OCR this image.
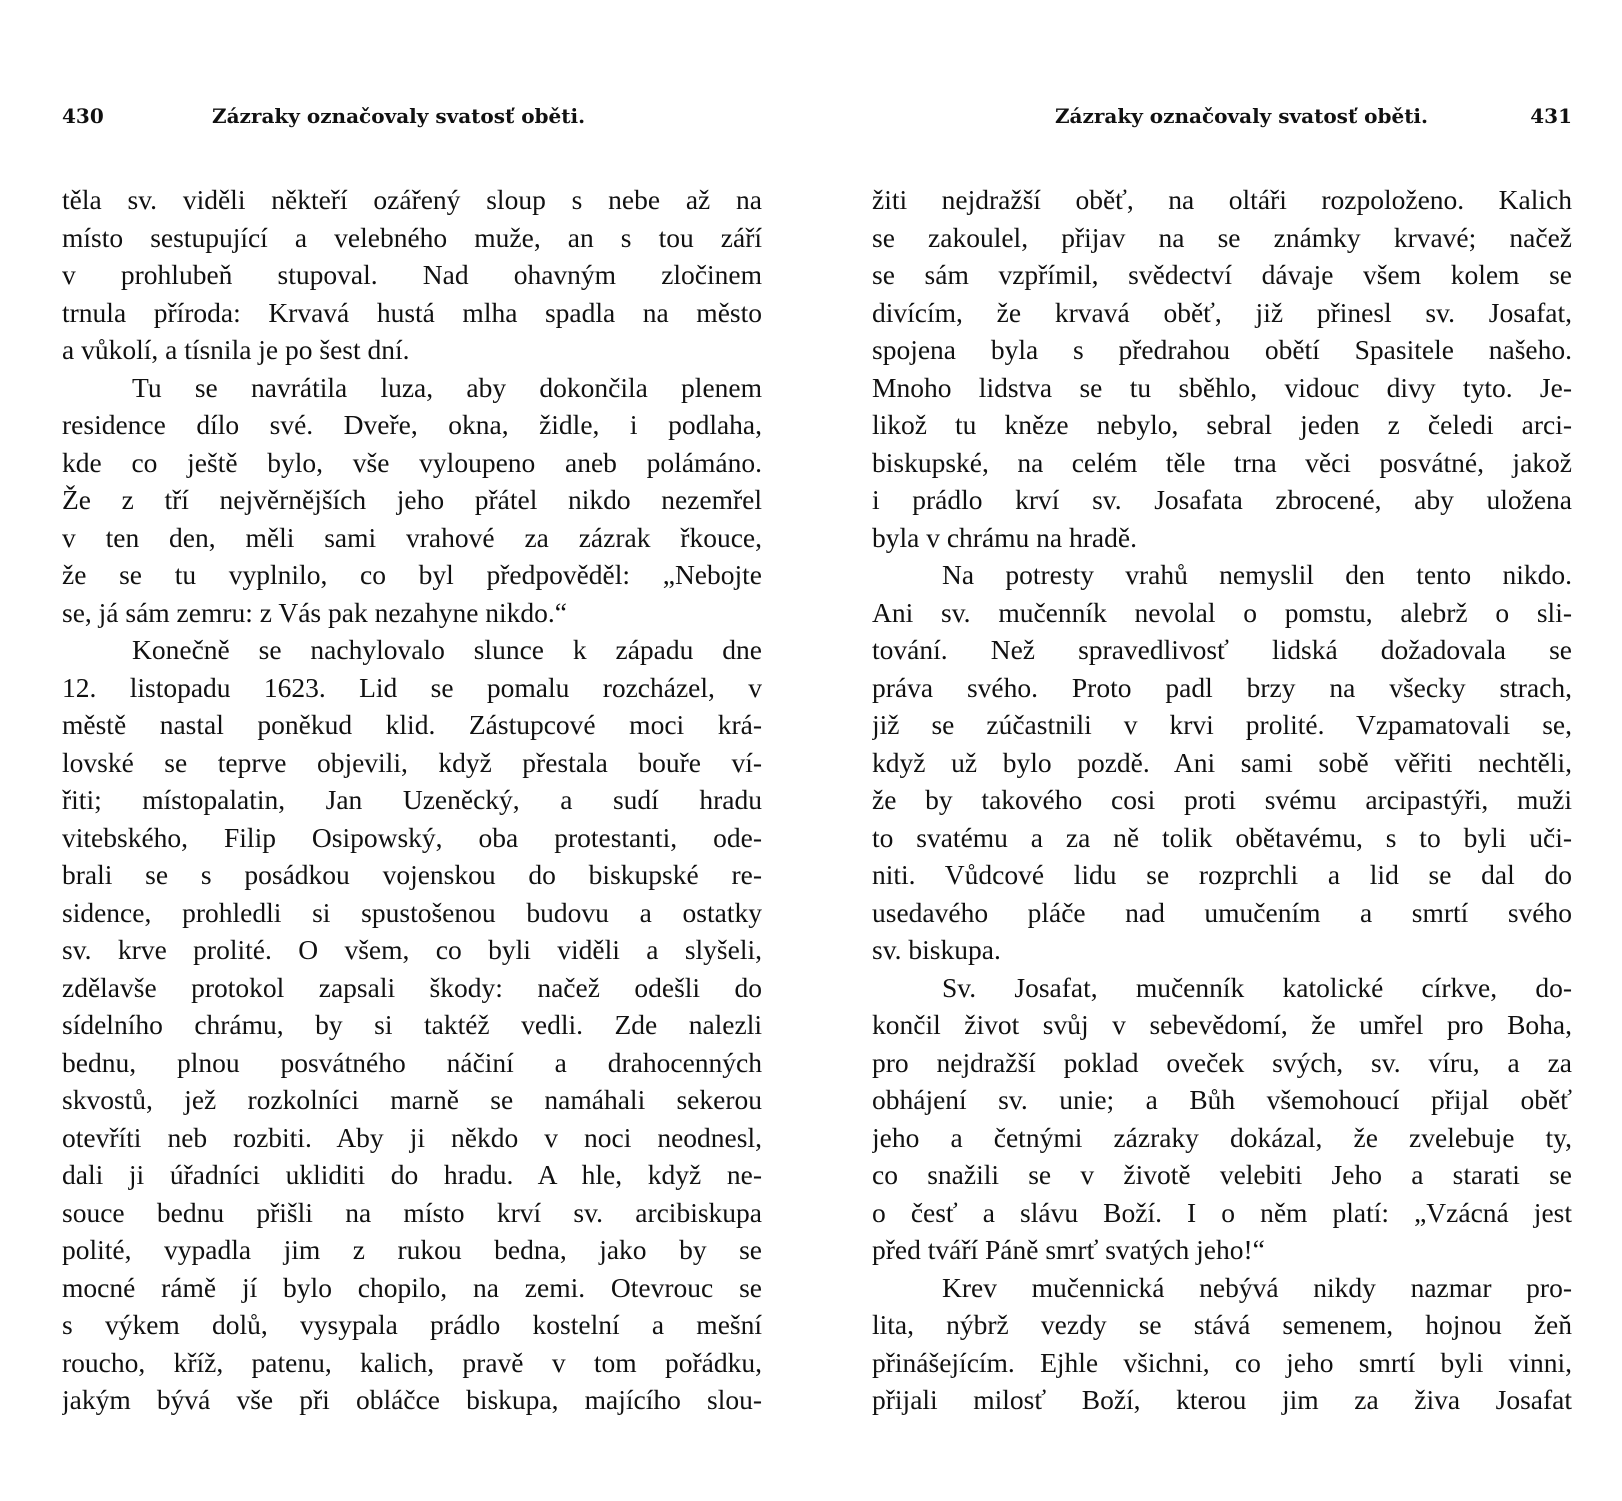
430	Zázraky označovaly svatosť oběti.
těla sv. viděli někteří ozářený sloup s nebe až na
místo sestupující a velebného muže, an s tou září
v prohlubeň stupoval. Nad ohavným zločinem
trnula příroda: Krvavá hustá mlha spadla na město
a vůkolí, a tísnila je po šest dní.
Tu se navrátila luza, aby dokončila plenem
residence dílo své. Dveře, okna, židle, i podlaha,
kde co ještě bylo, vše vyloupeno aneb polámáno.
Že z tří nejvěrnějších jeho přátel nikdo nezemřel
v ten den, měli sami vrahové za zázrak řkouce,
že se tu vyplnilo, co byl předpověděl: „Nebojte
se, já sám zemru: z Vás pak nezahyne nikdo.“
Konečně se nachylovalo slunce k západu dne
12. listopadu 1623. Lid se pomalu rozcházel, v
městě nastal poněkud klid. Zástupcové moci krá-
lovské se teprve objevili, když přestala bouře ví-
řiti; místopalatin, Jan Uzeněcký, a sudí hradu
vitebského, Filip Osipowský, oba protestanti, ode-
brali se s posádkou vojenskou do biskupské re-
sidence, prohledli si spustošenou budovu a ostatky
sv. krve prolité. O všem, co byli viděli a slyšeli,
zdělavše protokol zapsali škody: načež odešli do
sídelního chrámu, by si taktéž vedli. Zde nalezli
bednu, plnou posvátného náčiní a drahocenných
skvostů, jež rozkolníci marně se namáhali sekerou
otevříti neb rozbiti. Aby ji někdo v noci neodnesl,
dali ji úřadníci ukliditi do hradu. A hle, když ne-
souce bednu přišli na místo krví sv. arcibiskupa
polité, vypadla jim z rukou bedna, jako by se
mocné rámě jí bylo chopilo, na zemi. Otevrouc se
s výkem dolů, vysypala prádlo kostelní a mešní
roucho, kříž, patenu, kalich, pravě v tom pořádku,
jakým bývá vše při obláčce biskupa, majícího slou-
Zázraky označovaly svatosť oběti.	431
žiti nejdražší oběť, na oltáři rozpoloženo. Kalich
se zakoulel, přijav na se známky krvavé; načež
se sám vzpřímil, svědectví dávaje všem kolem se
divícím, že krvavá oběť, již přinesl sv. Josafat,
spojena byla s předrahou obětí Spasitele našeho.
Mnoho lidstva se tu sběhlo, vidouc divy tyto. Je-
likož tu kněze nebylo, sebral jeden z čeledi arci-
biskupské, na celém těle trna věci posvátné, jakož
i prádlo krví sv. Josafata zbrocené, aby uložena
byla v chrámu na hradě.
Na potresty vrahů nemyslil den tento nikdo.
Ani sv. mučenník nevolal o pomstu, alebrž o sli-
tování. Než spravedlivosť lidská dožadovala se
práva svého. Proto padl brzy na všecky strach,
již se zúčastnili v krvi prolité. Vzpamatovali se,
když už bylo pozdě. Ani sami sobě věřiti nechtěli,
že by takového cosi proti svému arcipastýři, muži
to svatému a za ně tolik obětavému, s to byli uči-
niti. Vůdcové lidu se rozprchli a lid se dal do
usedavého pláče nad umučením a smrtí svého
sv. biskupa.
Sv. Josafat, mučenník katolické církve, do-
končil život svůj v sebevědomí, že umřel pro Boha,
pro nejdražší poklad oveček svých, sv. víru, a za
obhájení sv. unie; a Bůh všemohoucí přijal oběť
jeho a četnými zázraky dokázal, že zvelebuje ty,
co snažili se v životě velebiti Jeho a starati se
o česť a slávu Boží. I o něm platí: „Vzácná jest
před tváří Páně smrť svatých jeho!“
Krev mučennická nebývá nikdy nazmar pro-
lita, nýbrž vezdy se stává semenem, hojnou žeň
přinášejícím. Ejhle všichni, co jeho smrtí byli vinni,
přijali milosť Boží, kterou jim za živa Josafat
